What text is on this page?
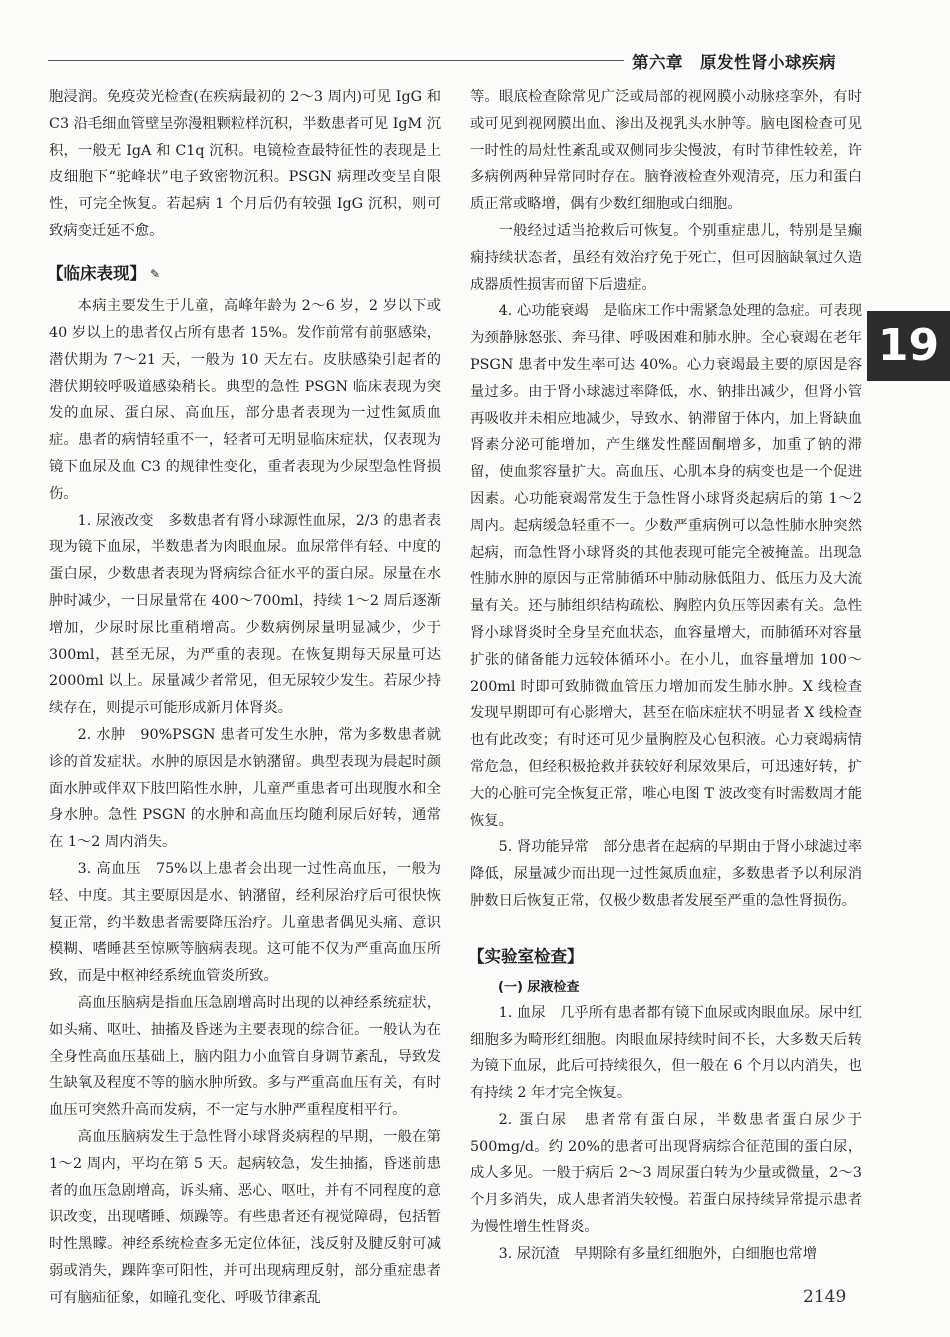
第六章　原发性肾小球疾病

胞浸润。免疫荧光检查(在疾病最初的 2～3 周内)可见 IgG 和 C3 沿毛细血管壁呈弥漫粗颗粒样沉积，半数患者可见 IgM 沉积，一般无 IgA 和 C1q 沉积。电镜检查最特征性的表现是上皮细胞下“驼峰状”电子致密物沉积。PSGN 病理改变呈自限性，可完全恢复。若起病 1 个月后仍有较强 IgG 沉积，则可致病变迁延不愈。

【临床表现】 ✎

本病主要发生于儿童，高峰年龄为 2～6 岁，2 岁以下或 40 岁以上的患者仅占所有患者 15%。发作前常有前驱感染，潜伏期为 7～21 天，一般为 10 天左右。皮肤感染引起者的潜伏期较呼吸道感染稍长。典型的急性 PSGN 临床表现为突发的血尿、蛋白尿、高血压，部分患者表现为一过性氮质血症。患者的病情轻重不一，轻者可无明显临床症状，仅表现为镜下血尿及血 C3 的规律性变化，重者表现为少尿型急性肾损伤。

1. 尿液改变　多数患者有肾小球源性血尿，2/3 的患者表现为镜下血尿，半数患者为肉眼血尿。血尿常伴有轻、中度的蛋白尿，少数患者表现为肾病综合征水平的蛋白尿。尿量在水肿时减少，一日尿量常在 400～700ml，持续 1～2 周后逐渐增加，少尿时尿比重稍增高。少数病例尿量明显减少，少于 300ml，甚至无尿，为严重的表现。在恢复期每天尿量可达 2000ml 以上。尿量减少者常见，但无尿较少发生。若尿少持续存在，则提示可能形成新月体肾炎。

2. 水肿　90%PSGN 患者可发生水肿，常为多数患者就诊的首发症状。水肿的原因是水钠潴留。典型表现为晨起时颜面水肿或伴双下肢凹陷性水肿，儿童严重患者可出现腹水和全身水肿。急性 PSGN 的水肿和高血压均随利尿后好转，通常在 1～2 周内消失。

3. 高血压　75%以上患者会出现一过性高血压，一般为轻、中度。其主要原因是水、钠潴留，经利尿治疗后可很快恢复正常，约半数患者需要降压治疗。儿童患者偶见头痛、意识模糊、嗜睡甚至惊厥等脑病表现。这可能不仅为严重高血压所致，而是中枢神经系统血管炎所致。

高血压脑病是指血压急剧增高时出现的以神经系统症状，如头痛、呕吐、抽搐及昏迷为主要表现的综合征。一般认为在全身性高血压基础上，脑内阻力小血管自身调节紊乱，导致发生缺氧及程度不等的脑水肿所致。多与严重高血压有关，有时血压可突然升高而发病，不一定与水肿严重程度相平行。

高血压脑病发生于急性肾小球肾炎病程的早期，一般在第 1～2 周内，平均在第 5 天。起病较急，发生抽搐，昏迷前患者的血压急剧增高，诉头痛、恶心、呕吐，并有不同程度的意识改变，出现嗜睡、烦躁等。有些患者还有视觉障碍，包括暂时性黑矇。神经系统检查多无定位体征，浅反射及腱反射可减弱或消失，踝阵挛可阳性，并可出现病理反射，部分重症患者可有脑疝征象，如瞳孔变化、呼吸节律紊乱

等。眼底检查除常见广泛或局部的视网膜小动脉痉挛外，有时或可见到视网膜出血、渗出及视乳头水肿等。脑电图检查可见一时性的局灶性紊乱或双侧同步尖慢波，有时节律性较差，许多病例两种异常同时存在。脑脊液检查外观清亮，压力和蛋白质正常或略增，偶有少数红细胞或白细胞。

一般经过适当抢救后可恢复。个别重症患儿，特别是呈癫痫持续状态者，虽经有效治疗免于死亡，但可因脑缺氧过久造成器质性损害而留下后遗症。

4. 心功能衰竭　是临床工作中需紧急处理的急症。可表现为颈静脉怒张、奔马律、呼吸困难和肺水肿。全心衰竭在老年 PSGN 患者中发生率可达 40%。心力衰竭最主要的原因是容量过多。由于肾小球滤过率降低，水、钠排出减少，但肾小管再吸收并未相应地减少，导致水、钠滞留于体内，加上肾缺血肾素分泌可能增加，产生继发性醛固酮增多，加重了钠的滞留，使血浆容量扩大。高血压、心肌本身的病变也是一个促进因素。心功能衰竭常发生于急性肾小球肾炎起病后的第 1～2 周内。起病缓急轻重不一。少数严重病例可以急性肺水肿突然起病，而急性肾小球肾炎的其他表现可能完全被掩盖。出现急性肺水肿的原因与正常肺循环中肺动脉低阻力、低压力及大流量有关。还与肺组织结构疏松、胸腔内负压等因素有关。急性肾小球肾炎时全身呈充血状态，血容量增大，而肺循环对容量扩张的储备能力远较体循环小。在小儿，血容量增加 100～200ml 时即可致肺微血管压力增加而发生肺水肿。X 线检查发现早期即可有心影增大，甚至在临床症状不明显者 X 线检查也有此改变；有时还可见少量胸腔及心包积液。心力衰竭病情常危急，但经积极抢救并获较好利尿效果后，可迅速好转，扩大的心脏可完全恢复正常，唯心电图 T 波改变有时需数周才能恢复。

5. 肾功能异常　部分患者在起病的早期由于肾小球滤过率降低，尿量减少而出现一过性氮质血症，多数患者予以利尿消肿数日后恢复正常，仅极少数患者发展至严重的急性肾损伤。

【实验室检查】
(一) 尿液检查

1. 血尿　几乎所有患者都有镜下血尿或肉眼血尿。尿中红细胞多为畸形红细胞。肉眼血尿持续时间不长，大多数天后转为镜下血尿，此后可持续很久，但一般在 6 个月以内消失，也有持续 2 年才完全恢复。

2. 蛋白尿　患者常有蛋白尿，半数患者蛋白尿少于 500mg/d。约 20%的患者可出现肾病综合征范围的蛋白尿，成人多见。一般于病后 2～3 周尿蛋白转为少量或微量，2～3 个月多消失，成人患者消失较慢。若蛋白尿持续异常提示患者为慢性增生性肾炎。

3. 尿沉渣　早期除有多量红细胞外，白细胞也常增

19
2149
